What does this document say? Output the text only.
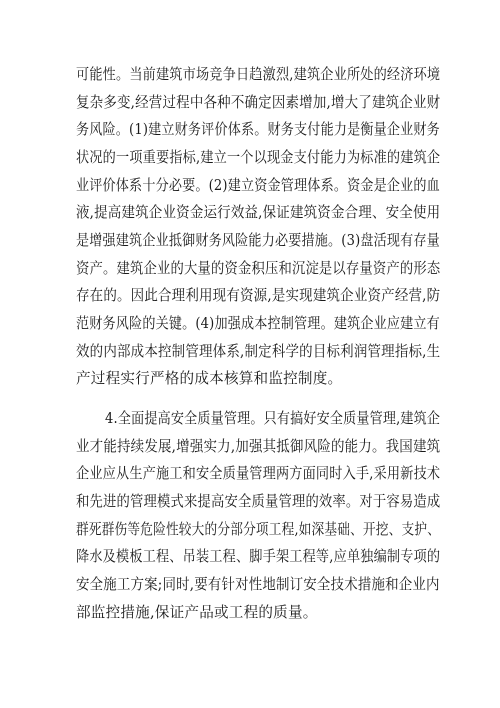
可能性。当前建筑市场竞争日趋激烈,建筑企业所处的经济环境
复杂多变,经营过程中各种不确定因素增加,增大了建筑企业财
务风险。(1)建立财务评价体系。财务支付能力是衡量企业财务
状况的一项重要指标,建立一个以现金支付能力为标准的建筑企
业评价体系十分必要。(2)建立资金管理体系。资金是企业的血
液,提高建筑企业资金运行效益,保证建筑资金合理、安全使用
是增强建筑企业抵御财务风险能力必要措施。(3)盘活现有存量
资产。建筑企业的大量的资金积压和沉淀是以存量资产的形态
存在的。因此合理利用现有资源,是实现建筑企业资产经营,防
范财务风险的关键。(4)加强成本控制管理。建筑企业应建立有
效的内部成本控制管理体系,制定科学的目标利润管理指标,生
产过程实行严格的成本核算和监控制度。
4.全面提高安全质量管理。只有搞好安全质量管理,建筑企
业才能持续发展,增强实力,加强其抵御风险的能力。我国建筑
企业应从生产施工和安全质量管理两方面同时入手,采用新技术
和先进的管理模式来提高安全质量管理的效率。对于容易造成
群死群伤等危险性较大的分部分项工程,如深基础、开挖、支护、
降水及模板工程、吊装工程、脚手架工程等,应单独编制专项的
安全施工方案;同时,要有针对性地制订安全技术措施和企业内
部监控措施,保证产品或工程的质量。
